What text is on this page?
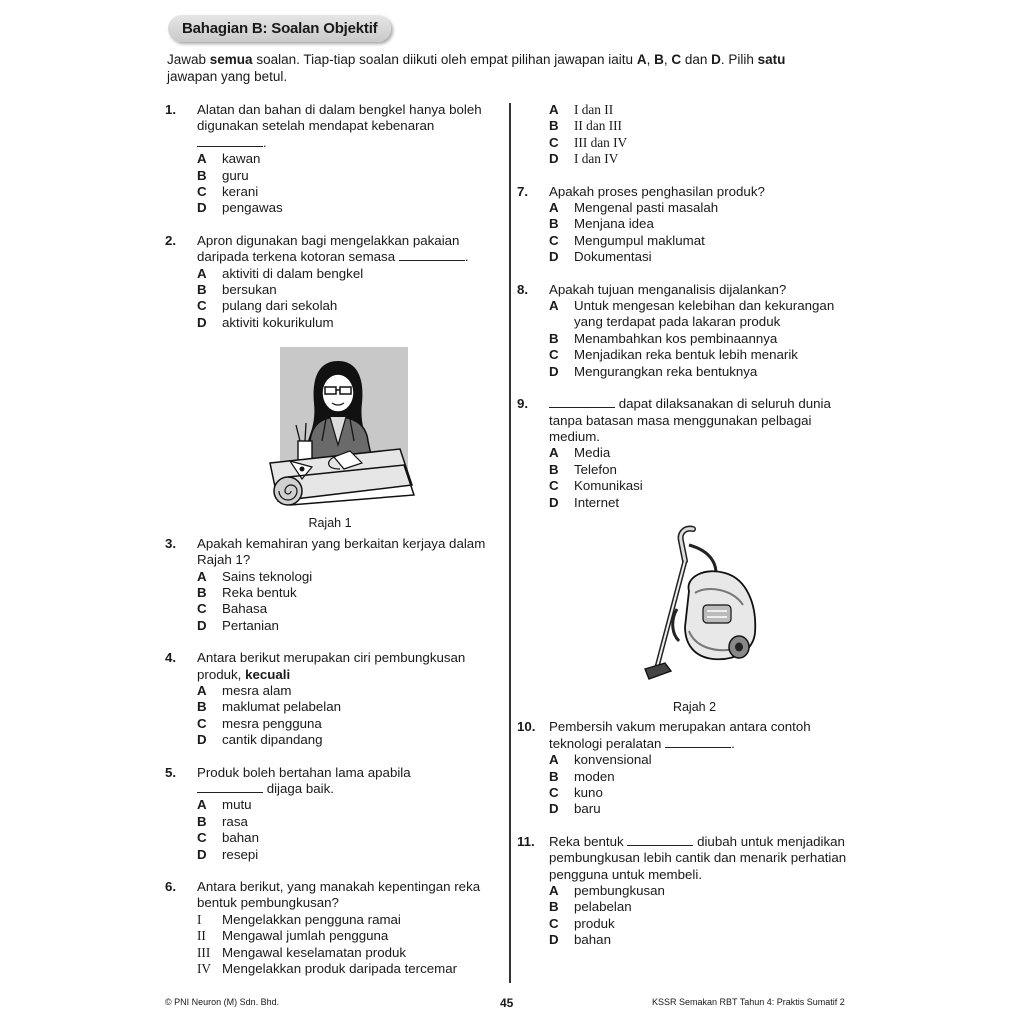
Bahagian B: Soalan Objektif
Jawab semua soalan. Tiap-tiap soalan diikuti oleh empat pilihan jawapan iaitu A, B, C dan D. Pilih satu jawapan yang betul.
1. Alatan dan bahan di dalam bengkel hanya boleh digunakan setelah mendapat kebenaran
.
A kawan
B guru
C kerani
D pengawas
2. Apron digunakan bagi mengelakkan pakaian daripada terkena kotoran semasa	.
A aktiviti di dalam bengkel
B bersukan
C pulang dari sekolah
D aktiviti kokurikulum
Rajah 1
3. Apakah kemahiran yang berkaitan kerjaya dalam Rajah 1?
A Sains teknologi
B Reka bentuk
C Bahasa
D Pertanian
4. Antara berikut merupakan ciri pembungkusan produk, kecuali
A mesra alam
B maklumat pelabelan
C mesra pengguna
D cantik dipandang
5. Produk boleh bertahan lama apabila
dijaga baik.
A mutu
B rasa
C bahan
D resepi
6. Antara berikut, yang manakah kepentingan reka bentuk pembungkusan?
I Mengelakkan pengguna ramai
II Mengawal jumlah pengguna
III Mengawal keselamatan produk
IV Mengelakkan produk daripada tercemar
A I dan II
B II dan III
C III dan IV
D I dan IV
7. Apakah proses penghasilan produk?
A Mengenal pasti masalah
B Menjana idea
C Mengumpul maklumat
D Dokumentasi
8. Apakah tujuan menganalisis dijalankan?
A Untuk mengesan kelebihan dan kekurangan yang terdapat pada lakaran produk
B Menambahkan kos pembinaannya
C Menjadikan reka bentuk lebih menarik
D Mengurangkan reka bentuknya
9.	dapat dilaksanakan di seluruh dunia tanpa batasan masa menggunakan pelbagai medium.
A Media
B Telefon
C Komunikasi
D Internet
Rajah 2
10. Pembersih vakum merupakan antara contoh teknologi peralatan	.
A konvensional
B moden
C kuno
D baru
11. Reka bentuk	diubah untuk menjadikan pembungkusan lebih cantik dan menarik perhatian pengguna untuk membeli.
A pembungkusan
B pelabelan
C produk
D bahan
© PNI Neuron (M) Sdn. Bhd.	45	KSSR Semakan RBT Tahun 4: Praktis Sumatif 2
